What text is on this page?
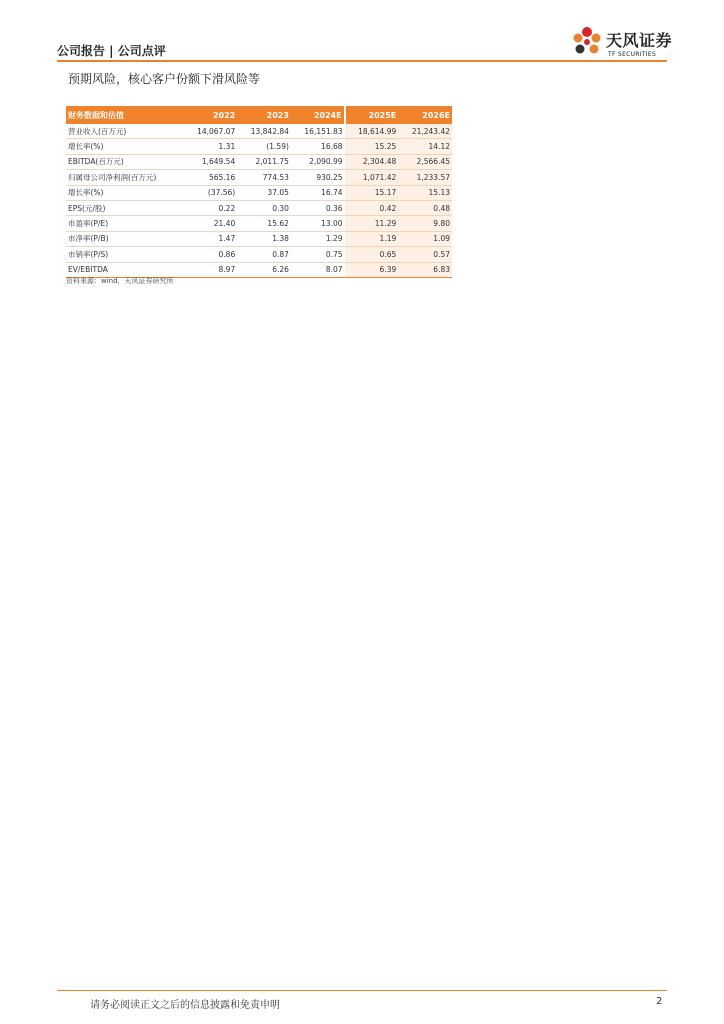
公司报告 | 公司点评
天风证券
TF SECURITIES
预期风险，核心客户份额下滑风险等
财务数据和估值	2022	2023	2024E	2025E	2026E
营业收入(百万元)	14,067.07	13,842.84	16,151.83	18,614.99	21,243.42
增长率(%)	1.31	(1.59)	16.68	15.25	14.12
EBITDA(百万元)	1,649.54	2,011.75	2,090.99	2,304.48	2,566.45
归属母公司净利润(百万元)	565.16	774.53	930.25	1,071.42	1,233.57
增长率(%)	(37.56)	37.05	16.74	15.17	15.13
EPS(元/股)	0.22	0.30	0.36	0.42	0.48
市盈率(P/E)	21.40	15.62	13.00	11.29	9.80
市净率(P/B)	1.47	1.38	1.29	1.19	1.09
市销率(P/S)	0.86	0.87	0.75	0.65	0.57
EV/EBITDA	8.97	6.26	8.07	6.39	6.83
资料来源：wind，天风证券研究所
请务必阅读正文之后的信息披露和免责申明	2
